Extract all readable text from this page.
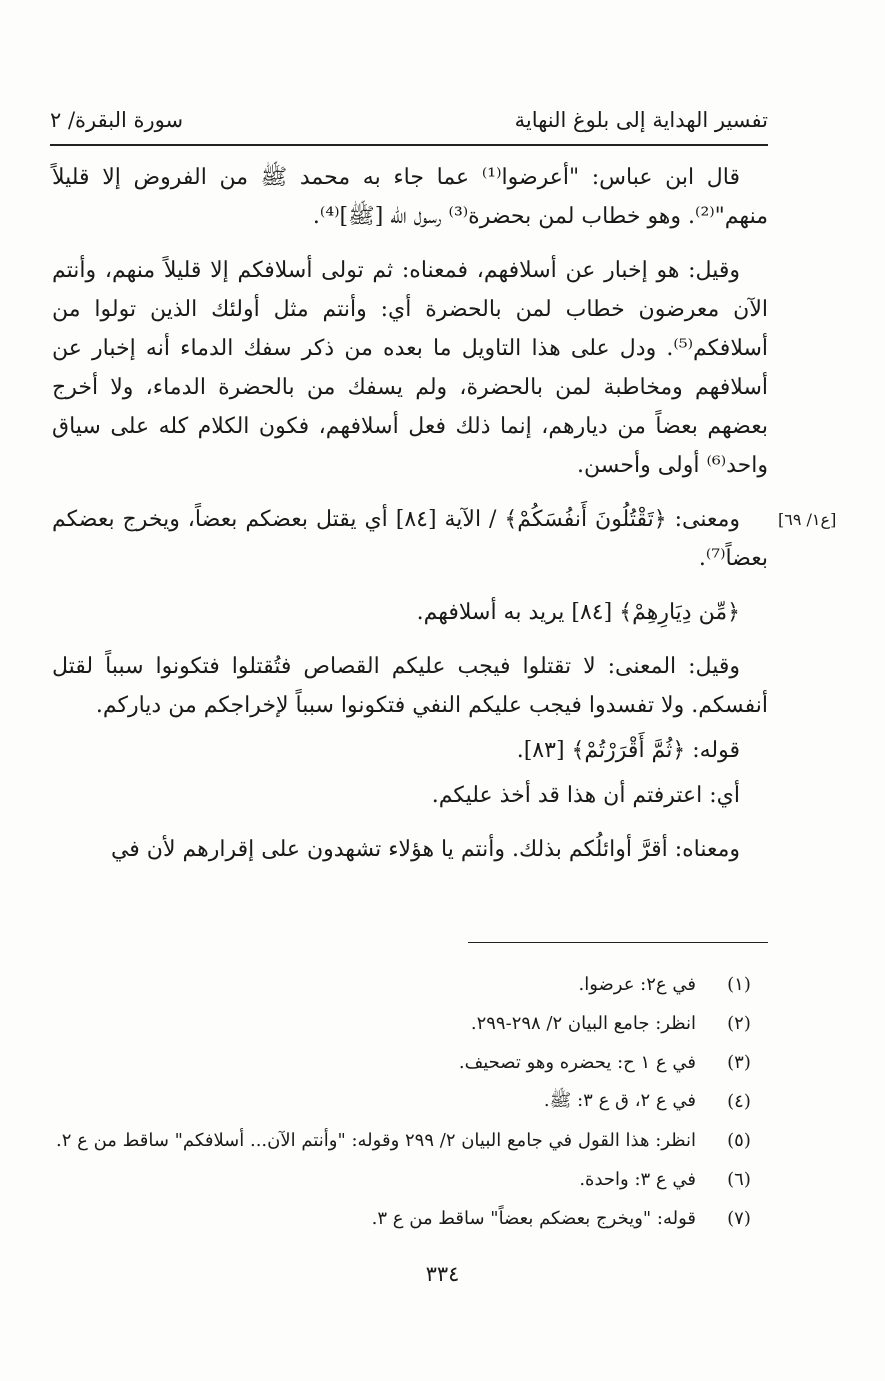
تفسير الهداية إلى بلوغ النهاية
سورة البقرة/ ٢
[ع١/ ٦٩]

قال ابن عباس: "أعرضوا⁽¹⁾ عما جاء به محمد ﷺ من الفروض إلا قليلاً منهم"⁽²⁾. وهو خطاب لمن بحضرة⁽³⁾ رسول الله [ﷺ]⁽⁴⁾.

وقيل: هو إخبار عن أسلافهم، فمعناه: ثم تولى أسلافكم إلا قليلاً منهم، وأنتم الآن معرضون خطاب لمن بالحضرة أي: وأنتم مثل أولئك الذين تولوا من أسلافكم⁽⁵⁾. ودل على هذا التاويل ما بعده من ذكر سفك الدماء أنه إخبار عن أسلافهم ومخاطبة لمن بالحضرة، ولم يسفك من بالحضرة الدماء، ولا أخرج بعضهم بعضاً من ديارهم، إنما ذلك فعل أسلافهم، فكون الكلام كله على سياق واحد⁽⁶⁾ أولى وأحسن.

ومعنى: ﴿تَقْتُلُونَ أَنفُسَكُمْ﴾ / الآية [٨٤] أي يقتل بعضكم بعضاً، ويخرج بعضكم بعضاً⁽⁷⁾.

﴿مِّن دِيَارِهِمْ﴾ [٨٤] يريد به أسلافهم.

وقيل: المعنى: لا تقتلوا فيجب عليكم القصاص فتُقتلوا فتكونوا سبباً لقتل أنفسكم. ولا تفسدوا فيجب عليكم النفي فتكونوا سبباً لإخراجكم من دياركم.

قوله: ﴿ثُمَّ أَقْرَرْتُمْ﴾ [٨٣].

أي: اعترفتم أن هذا قد أخذ عليكم.

ومعناه: أقرَّ أوائلُكم بذلك. وأنتم يا هؤلاء تشهدون على إقرارهم لأن في

(١)
في ع٢: عرضوا.
(٢)
انظر: جامع البيان ٢/ ٢٩٨-٢٩٩.
(٣)
في ع ١ ح: يحضره وهو تصحيف.
(٤)
في ع ٢، ق ع ٣: ﷺ.
(٥)
انظر: هذا القول في جامع البيان ٢/ ٢٩٩ وقوله: "وأنتم الآن... أسلافكم" ساقط من ع ٢.
(٦)
في ع ٣: واحدة.
(٧)
قوله: "ويخرج بعضكم بعضاً" ساقط من ع ٣.
٣٣٤
